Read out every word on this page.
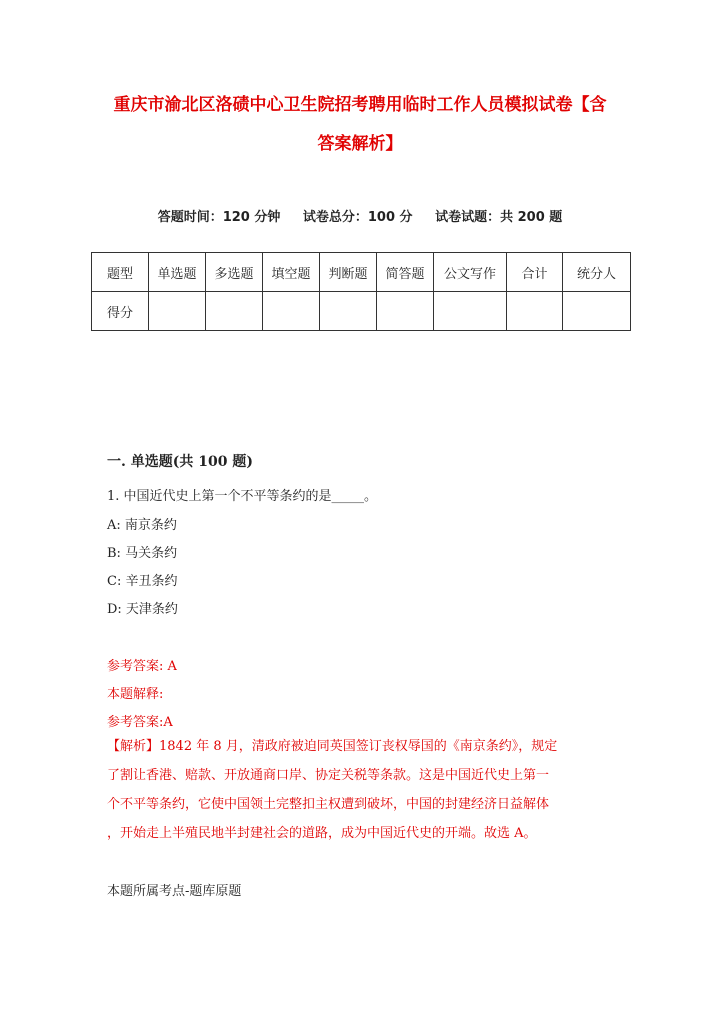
重庆市渝北区洛碛中心卫生院招考聘用临时工作人员模拟试卷【含

答案解析】

答题时间：120 分钟 试卷总分：100 分 试卷试题：共 200 题
题型	单选题	多选题	填空题	判断题	简答题	公文写作	合计	统分人
得分								
一. 单选题(共 100 题)
1. 中国近代史上第一个不平等条约的是_____。
A: 南京条约
B: 马关条约
C: 辛丑条约
D: 天津条约
参考答案: A
本题解释:
参考答案:A
【解析】1842 年 8 月，清政府被迫同英国签订丧权辱国的《南京条约》，规定
了割让香港、赔款、开放通商口岸、协定关税等条款。这是中国近代史上第一
个不平等条约，它使中国领土完整扣主权遭到破坏，中国的封建经济日益解体
，开始走上半殖民地半封建社会的道路，成为中国近代史的开端。故选 A。
本题所属考点-题库原题
